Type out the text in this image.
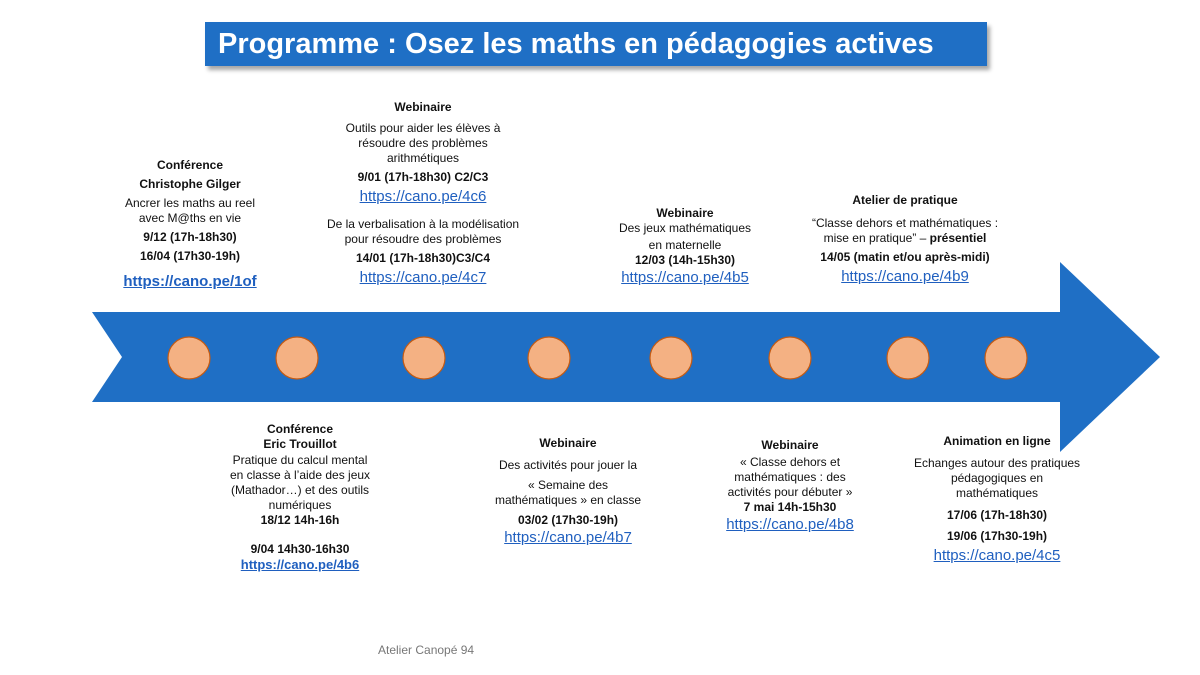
Programme : Osez les maths en pédagogies actives
Conférence
Christophe Gilger
Ancrer les maths au reel
avec M@ths en vie
9/12 (17h-18h30)
16/04 (17h30-19h)
https://cano.pe/1of
Webinaire
Outils pour aider les élèves à
résoudre des problèmes
arithmétiques
9/01 (17h-18h30) C2/C3
https://cano.pe/4c6
De la verbalisation à la modélisation
pour résoudre des problèmes
14/01 (17h-18h30)C3/C4
https://cano.pe/4c7
Webinaire
Des jeux mathématiques
en maternelle
12/03 (14h-15h30)
https://cano.pe/4b5
Atelier de pratique
“Classe dehors et mathématiques :
mise en pratique” – présentiel
14/05 (matin et/ou après-midi)
https://cano.pe/4b9
Conférence
Eric Trouillot
Pratique du calcul mental
en classe à l’aide des jeux
(Mathador…) et des outils
numériques
18/12 14h-16h
9/04 14h30-16h30
https://cano.pe/4b6
Webinaire
Des activités pour jouer la
« Semaine des
mathématiques » en classe
03/02 (17h30-19h)
https://cano.pe/4b7
Webinaire
« Classe dehors et
mathématiques : des
activités pour débuter »
7 mai 14h-15h30
https://cano.pe/4b8
Animation en ligne
Echanges autour des pratiques
pédagogiques en
mathématiques
17/06 (17h-18h30)
19/06 (17h30-19h)
https://cano.pe/4c5
Atelier Canopé 94
